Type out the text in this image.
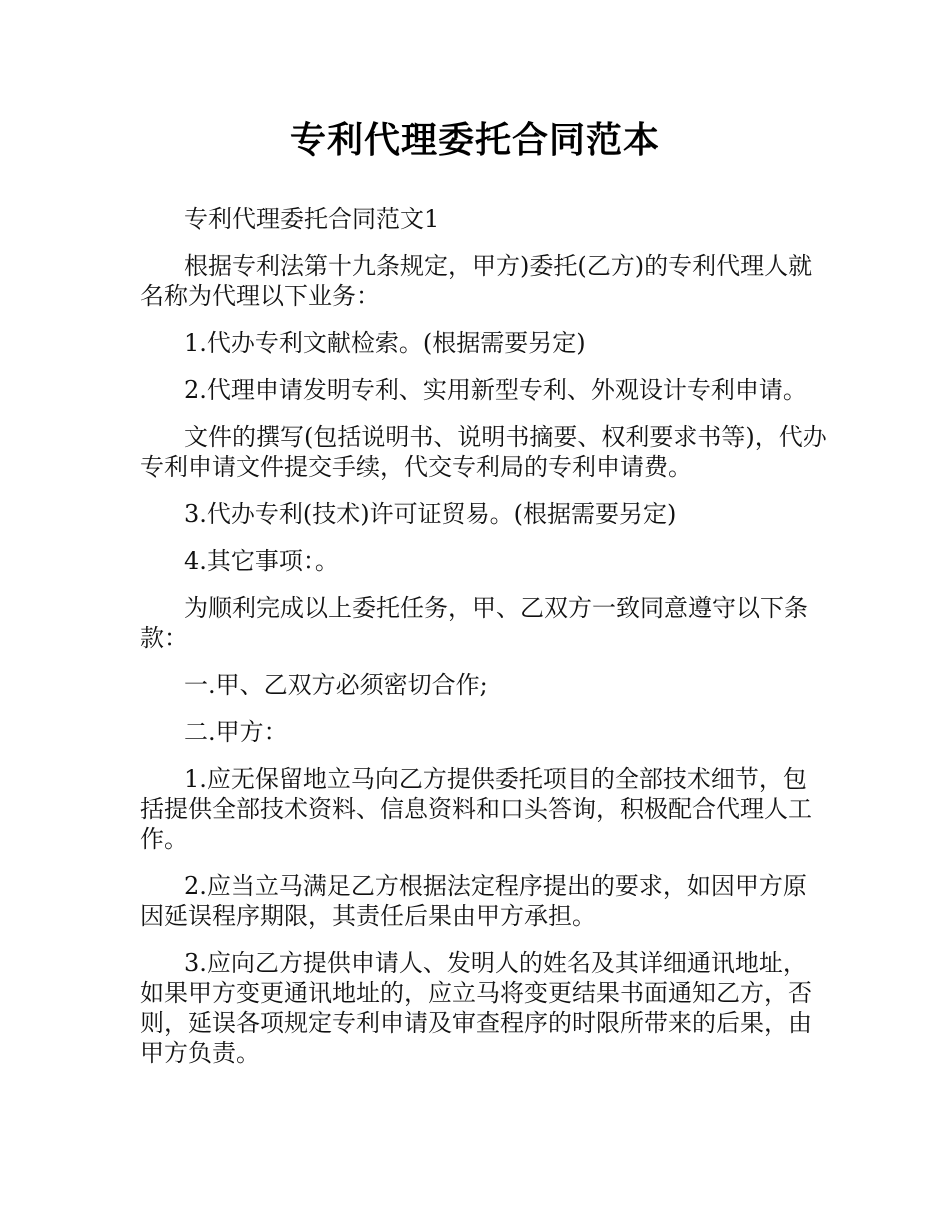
专利代理委托合同范本

专利代理委托合同范文1

根据专利法第十九条规定，甲方)委托(乙方)的专利代理人就名称为代理以下业务：

1.代办专利文献检索。(根据需要另定)

2.代理申请发明专利、实用新型专利、外观设计专利申请。

文件的撰写(包括说明书、说明书摘要、权利要求书等)，代办专利申请文件提交手续，代交专利局的专利申请费。

3.代办专利(技术)许可证贸易。(根据需要另定)

4.其它事项：。

为顺利完成以上委托任务，甲、乙双方一致同意遵守以下条款：

一.甲、乙双方必须密切合作;

二.甲方：

1.应无保留地立马向乙方提供委托项目的全部技术细节，包括提供全部技术资料、信息资料和口头答询，积极配合代理人工作。

2.应当立马满足乙方根据法定程序提出的要求，如因甲方原因延误程序期限，其责任后果由甲方承担。

3.应向乙方提供申请人、发明人的姓名及其详细通讯地址，如果甲方变更通讯地址的，应立马将变更结果书面通知乙方，否则，延误各项规定专利申请及审查程序的时限所带来的后果，由甲方负责。
